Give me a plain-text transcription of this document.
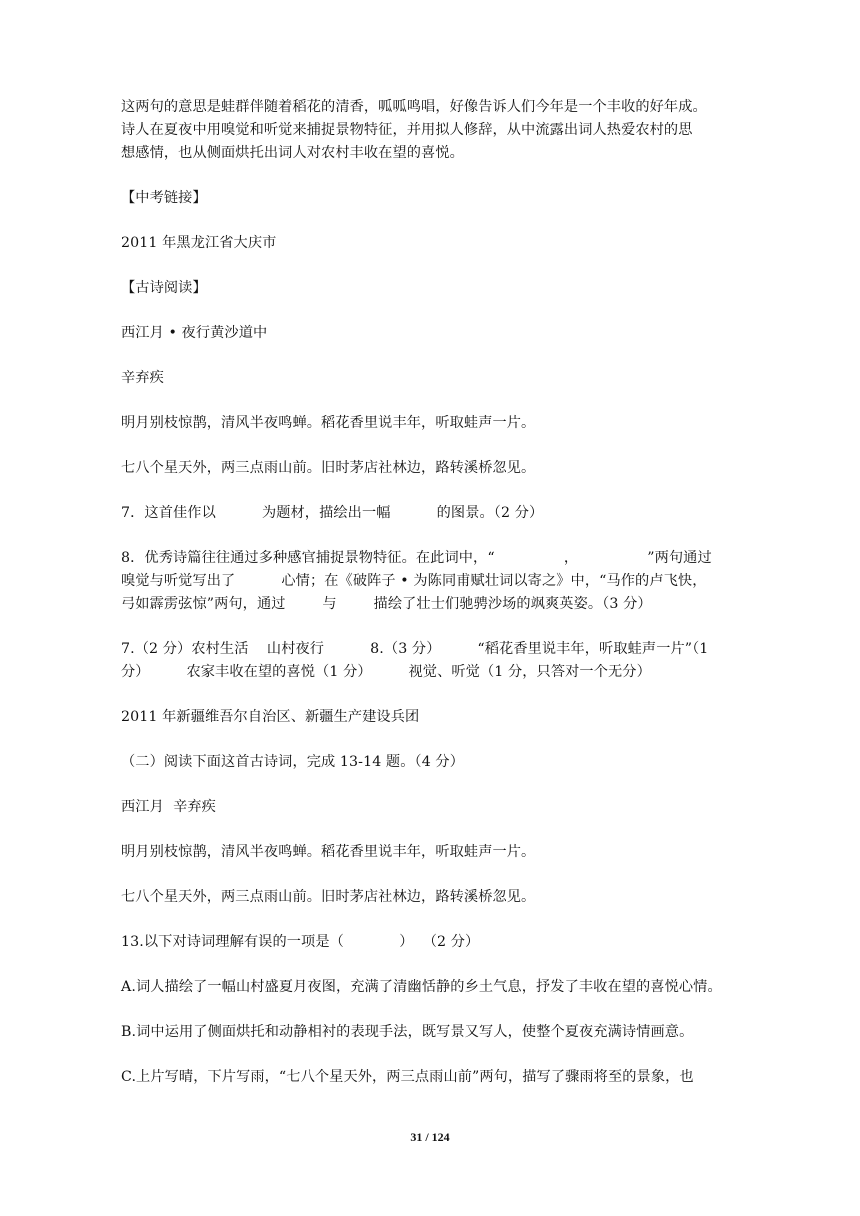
这两句的意思是蛙群伴随着稻花的清香，呱呱鸣唱，好像告诉人们今年是一个丰收的好年成。
诗人在夏夜中用嗅觉和听觉来捕捉景物特征，并用拟人修辞，从中流露出词人热爱农村的思
想感情，也从侧面烘托出词人对农村丰收在望的喜悦。

【中考链接】

2011 年黑龙江省大庆市

【古诗阅读】

西江月 • 夜行黄沙道中

辛弃疾

明月别枝惊鹊，清风半夜鸣蝉。稻花香里说丰年，听取蛙声一片。

七八个星天外，两三点雨山前。旧时茅店社林边，路转溪桥忽见。

7．这首佳作以          为题材，描绘出一幅          的图景。（2 分）

8．优秀诗篇往往通过多种感官捕捉景物特征。在此词中，“               ，               ”两句通过
嗅觉与听觉写出了          心情；在《破阵子 • 为陈同甫赋壮词以寄之》中，“马作的卢飞快，
弓如霹雳弦惊”两句，通过        与        描绘了壮士们驰骋沙场的飒爽英姿。（3 分）

7.（2 分）农村生活    山村夜行          8.（3 分）        “稻花香里说丰年，听取蛙声一片”（1
分）        农家丰收在望的喜悦（1 分）        视觉、听觉（1 分，只答对一个无分）

2011 年新疆维吾尔自治区、新疆生产建设兵团

（二）阅读下面这首古诗词，完成 13-14 题。（4 分）

西江月  辛弃疾

明月别枝惊鹊，清风半夜鸣蝉。稻花香里说丰年，听取蛙声一片。

七八个星天外，两三点雨山前。旧时茅店社林边，路转溪桥忽见。

13.以下对诗词理解有误的一项是（            ）  （2 分）

A.词人描绘了一幅山村盛夏月夜图，充满了清幽恬静的乡土气息，抒发了丰收在望的喜悦心情。

B.词中运用了侧面烘托和动静相衬的表现手法，既写景又写人，使整个夏夜充满诗情画意。

C.上片写晴，下片写雨，“七八个星天外，两三点雨山前”两句，描写了骤雨将至的景象，也

31 / 124
